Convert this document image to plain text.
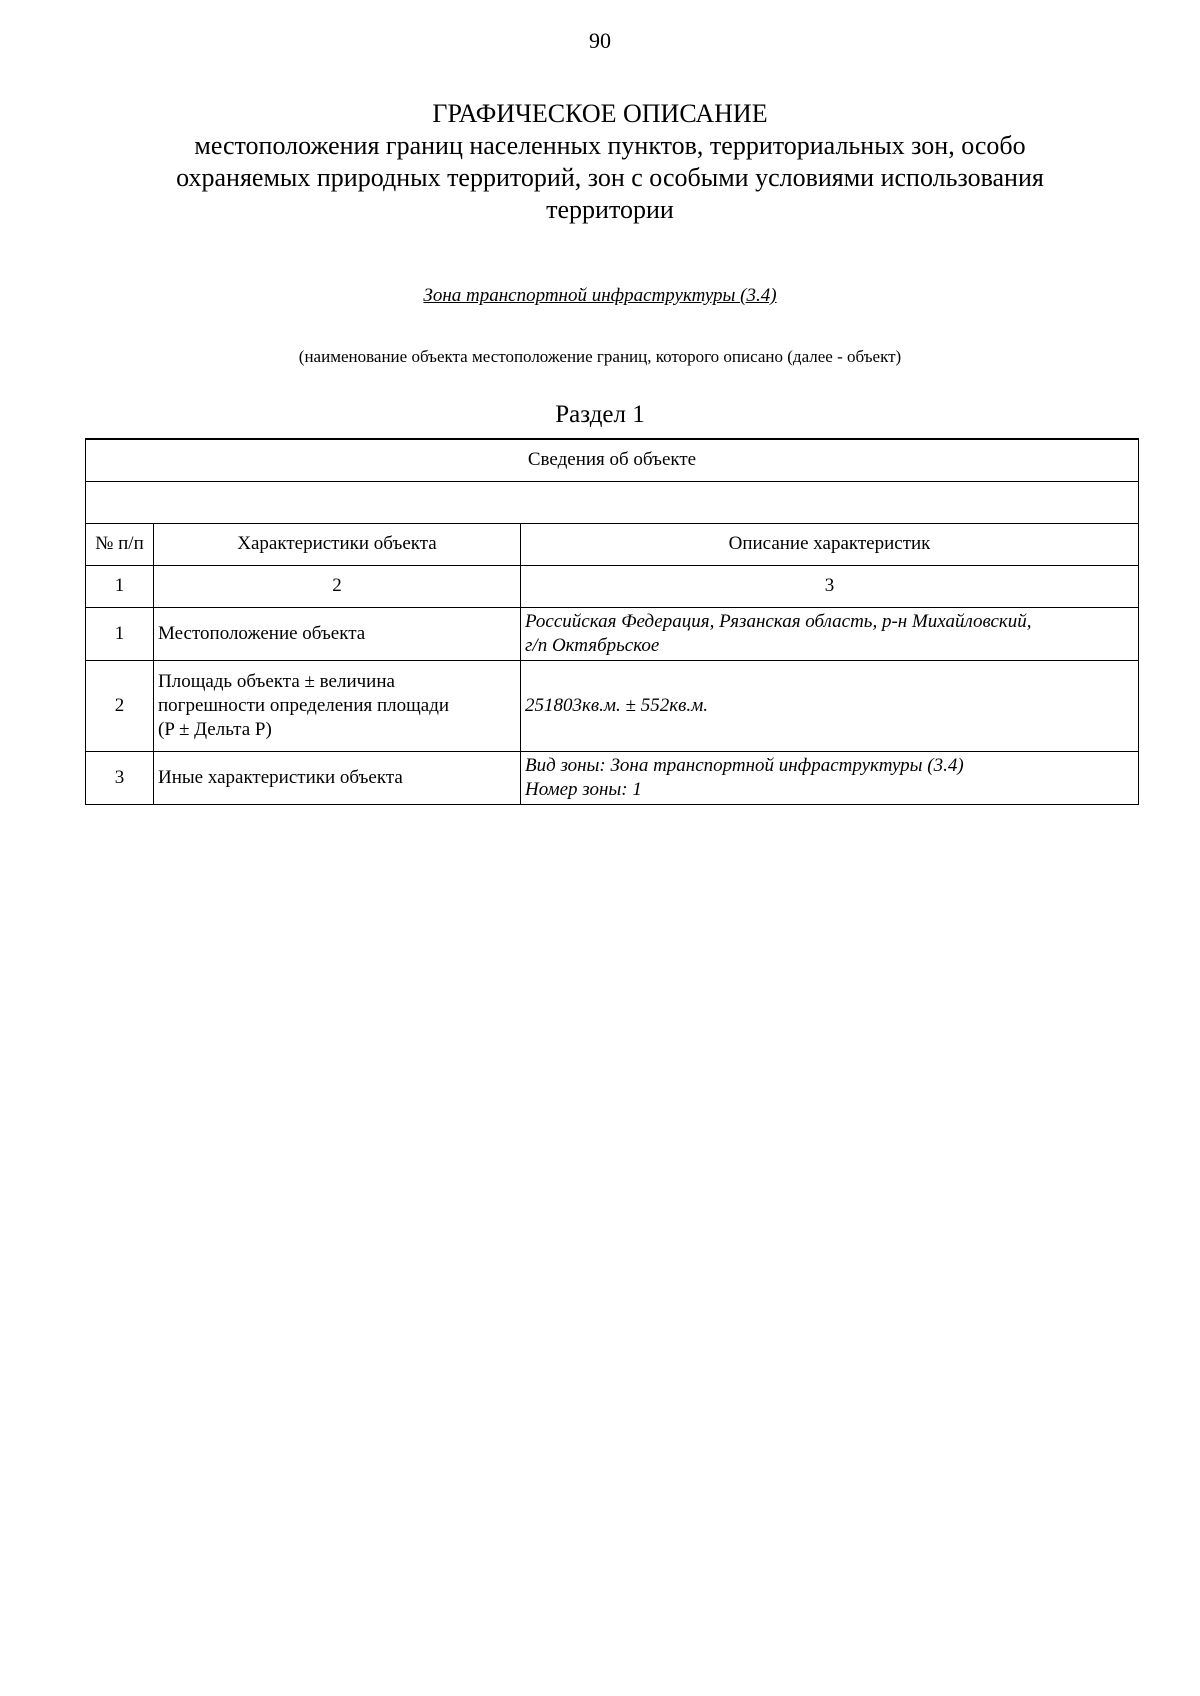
90
ГРАФИЧЕСКОЕ ОПИСАНИЕ
местоположения границ населенных пунктов, территориальных зон, особо
охраняемых природных территорий, зон с особыми условиями использования
территории
Зона транспортной инфраструктуры (3.4)
(наименование объекта местоположение границ, которого описано (далее - объект)
Раздел 1
Сведения об объекте		

№ п/п	Характеристики объекта	Описание характеристик
1	2	3
1	Местоположение объекта	Российская Федерация, Рязанская область, р-н Михайловский,
г/п Октябрьское

2	Площадь объекта ± величина
погрешности определения площади
(P ± Дельта P)	251803кв.м. ± 552кв.м.

3	Иные характеристики объекта	Вид зоны: Зона транспортной инфраструктуры (3.4)
Номер зоны: 1
